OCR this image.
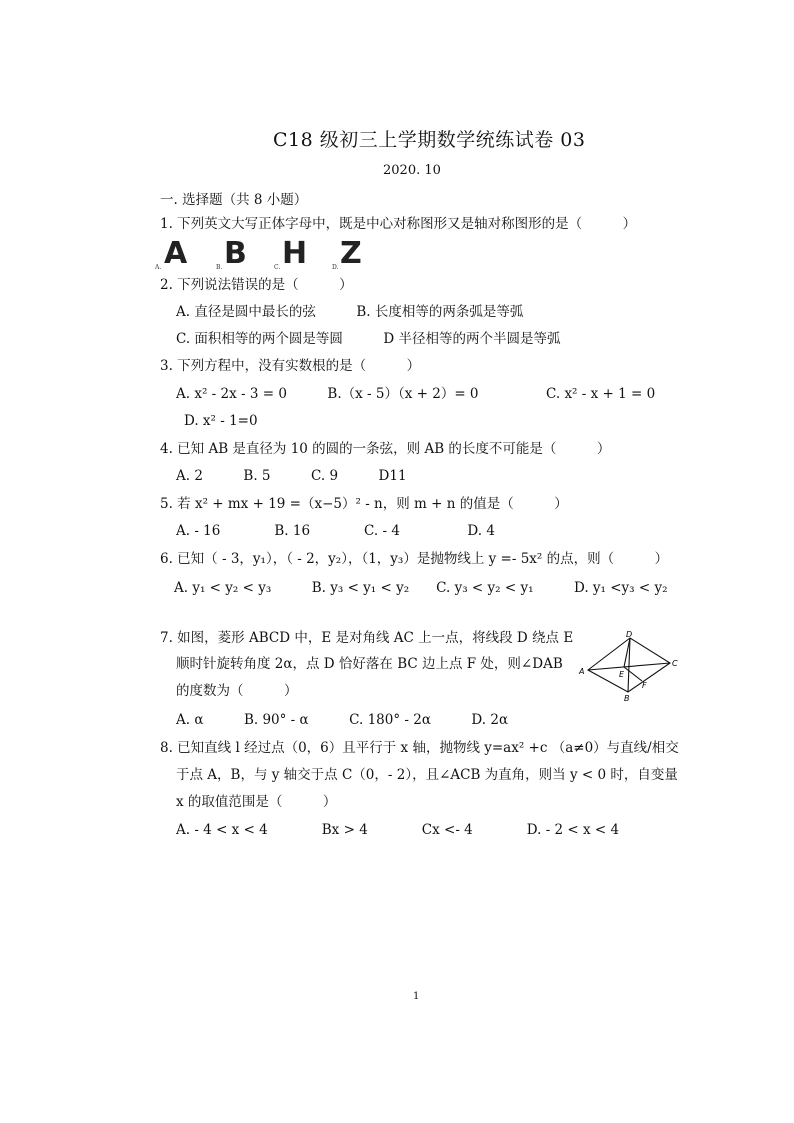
C18 级初三上学期数学统练试卷 03
2020. 10
一. 选择题（共 8 小题）
1. 下列英文大写正体字母中，既是中心对称图形又是轴对称图形的是（　　　）
A. A	B. B	C. H	D. Z
2. 下列说法错误的是（　　　）
A. 直径是圆中最长的弦　　　B. 长度相等的两条弧是等弧
C. 面积相等的两个圆是等圆　　　D 半径相等的两个半圆是等弧
3. 下列方程中，没有实数根的是（　　　）
A. x² - 2x - 3 = 0　　　B.（x - 5）（x + 2）= 0　　　　　C. x² - x + 1 = 0
D. x² - 1=0
4. 已知 AB 是直径为 10 的圆的一条弦，则 AB 的长度不可能是（　　　）
A. 2　　　B. 5　　　C. 9　　　D11
5. 若 x² + mx + 19 =（x−5）² - n，则 m + n 的值是（　　　）
A. - 16　　　　B. 16　　　　C. - 4　　　　　D. 4
6. 已知（ - 3，y₁），（ - 2，y₂），（1，y₃）是抛物线上 y =- 5x² 的点，则（　　　）
A. y₁ < y₂ < y₃　　　B. y₃ < y₁ < y₂　　C. y₃ < y₂ < y₁　　　D. y₁ <y₃ < y₂
7. 如图，菱形 ABCD 中，E 是对角线 AC 上一点，将线段 D 绕点 E
顺时针旋转角度 2α，点 D 恰好落在 BC 边上点 F 处，则∠DAB
的度数为（　　　）
A. α　　　B. 90° - α　　　C. 180° - 2α　　　D. 2α
D
A	E
C
F
B
8. 已知直线 l 经过点（0，6）且平行于 x 轴，抛物线 y=ax² +c （a≠0）与直线/相交
于点 A，B，与 y 轴交于点 C（0，- 2），且∠ACB 为直角，则当 y < 0 时，自变量
x 的取值范围是（　　　）
A. - 4 < x < 4　　　　Bx > 4　　　　Cx <- 4　　　　D. - 2 < x < 4
1
